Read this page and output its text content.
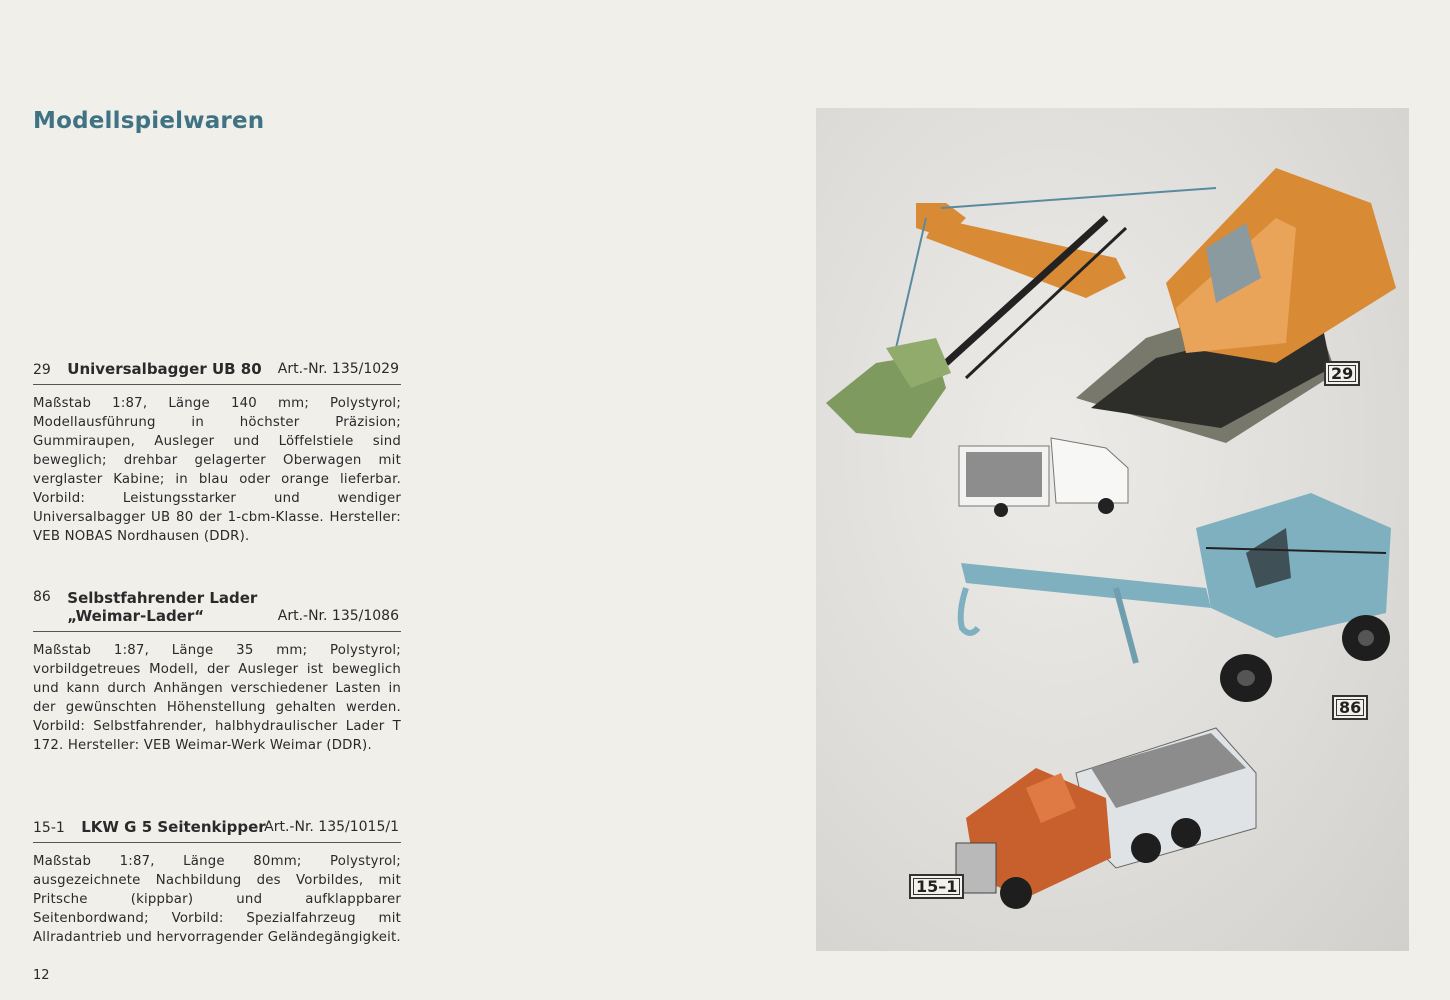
Modellspielwaren
29 Universalbagger UB 80 Art.-Nr. 135/1029
Maßstab 1:87, Länge 140 mm; Polystyrol; Modellausführung in höchster Präzision; Gummiraupen, Ausleger und Löffelstiele sind beweglich; drehbar gelagerter Oberwagen mit verglaster Kabine; in blau oder orange lieferbar. Vorbild: Leistungsstarker und wendiger Universalbagger UB 80 der 1-cbm-Klasse. Hersteller: VEB NOBAS Nordhausen (DDR).
86 Selbstfahrender Lader
„Weimar-Lader“	Art.-Nr. 135/1086
Maßstab 1:87, Länge 35 mm; Polystyrol; vorbildgetreues Modell, der Ausleger ist beweglich und kann durch Anhängen verschiedener Lasten in der gewünschten Höhenstellung gehalten werden. Vorbild: Selbstfahrender, halbhydraulischer Lader T 172. Hersteller: VEB Weimar-Werk Weimar (DDR).
15-1 LKW G 5 Seitenkipper
Art.-Nr. 135/1015/1
Maßstab 1:87, Länge 80mm; Polystyrol; ausgezeichnete Nachbildung des Vorbildes, mit Pritsche (kippbar) und aufklappbarer Seitenbordwand; Vorbild: Spezialfahrzeug mit Allradantrieb und hervorragender Geländegängigkeit.
12
29
86
15–1
